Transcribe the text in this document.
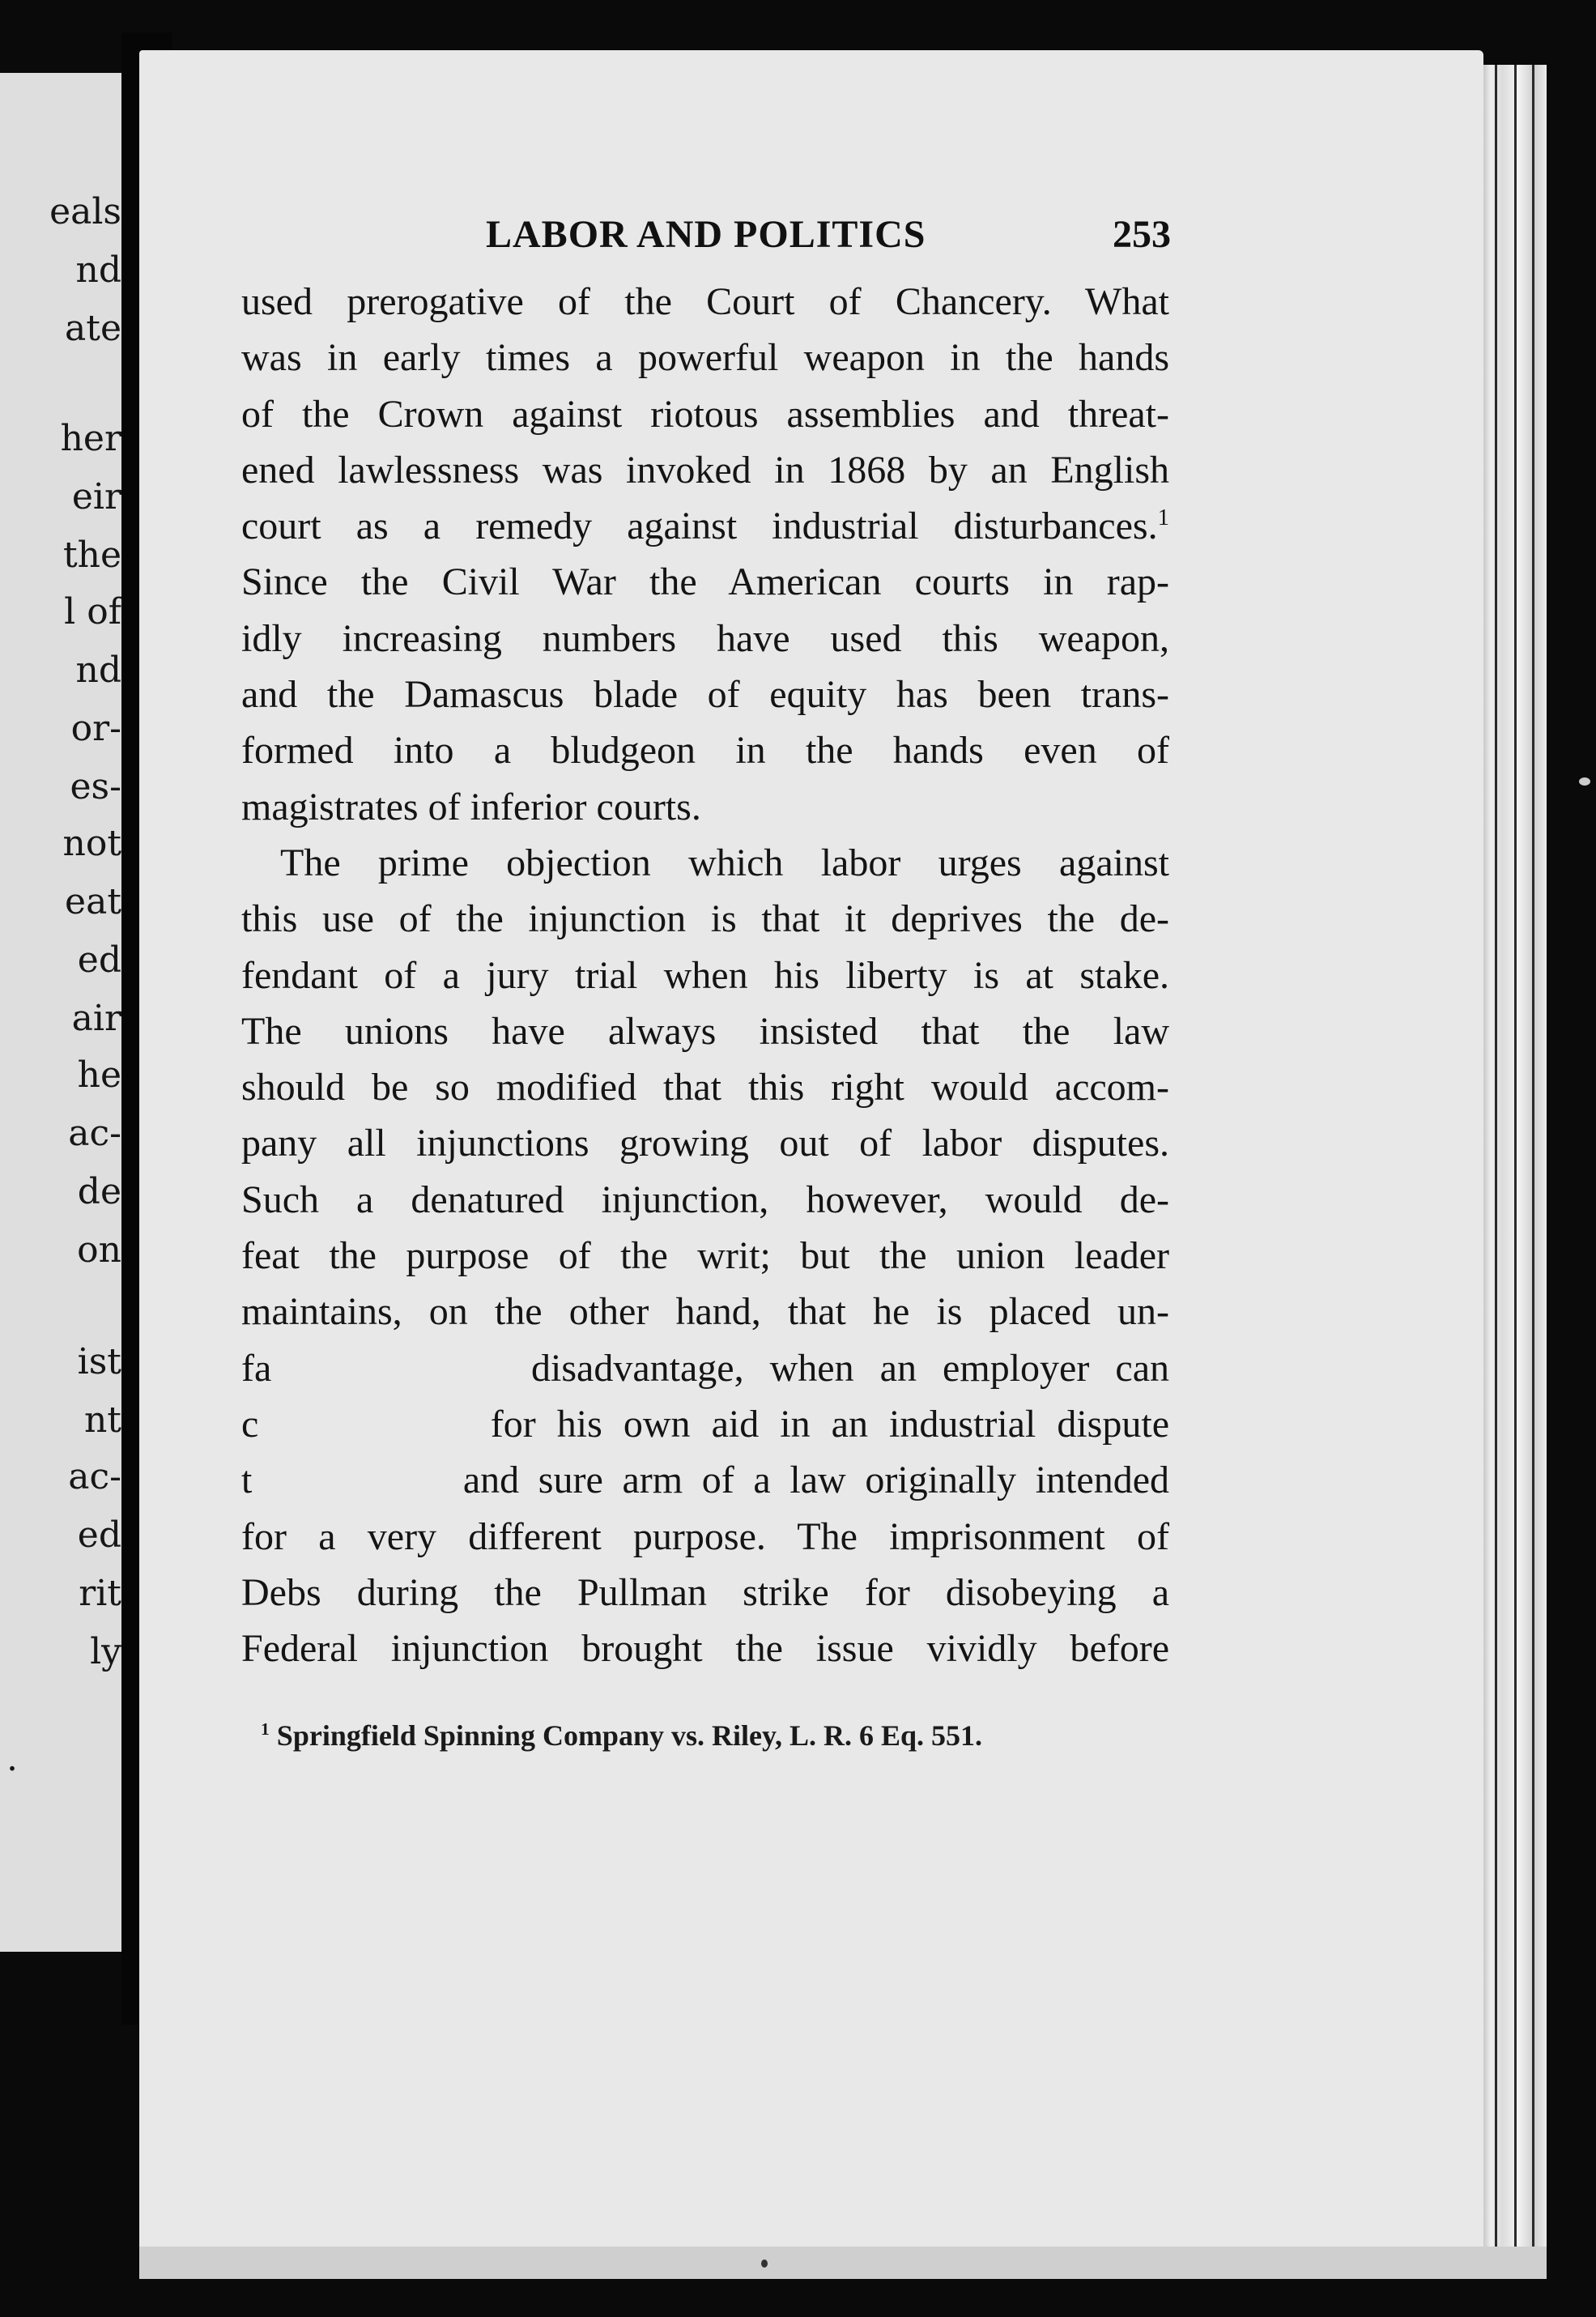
eals
nd
ate
her
eir
the
l of
nd
or-
es-
not
eat
ed
air
he
ac-
de
on
ist
nt
ac-
ed
rit
ly
.
LABOR AND POLITICS	253
used prerogative of the Court of Chancery. What
was in early times a powerful weapon in the hands
of the Crown against riotous assemblies and threat-
ened lawlessness was invoked in 1868 by an English
court as a remedy against industrial disturbances.$^1$
Since the Civil War the American courts in rap-
idly increasing numbers have used this weapon,
and the Damascus blade of equity has been trans-
formed into a bludgeon in the hands even of
magistrates of inferior courts.
The prime objection which labor urges against
this use of the injunction is that it deprives the de-
fendant of a jury trial when his liberty is at stake.
The unions have always insisted that the law
should be so modified that this right would accom-
pany all injunctions growing out of labor disputes.
Such a denatured injunction, however, would de-
feat the purpose of the writ; but the union leader
maintains, on the other hand, that he is placed un-
fa          disadvantage, when an employer can
c           for his own aid in an industrial dispute
t           and sure arm of a law originally intended
for a very different purpose. The imprisonment of
Debs during the Pullman strike for disobeying a
Federal injunction brought the issue vividly before
$^1$ Springfield Spinning Company vs. Riley, L. R. 6 Eq. 551.
